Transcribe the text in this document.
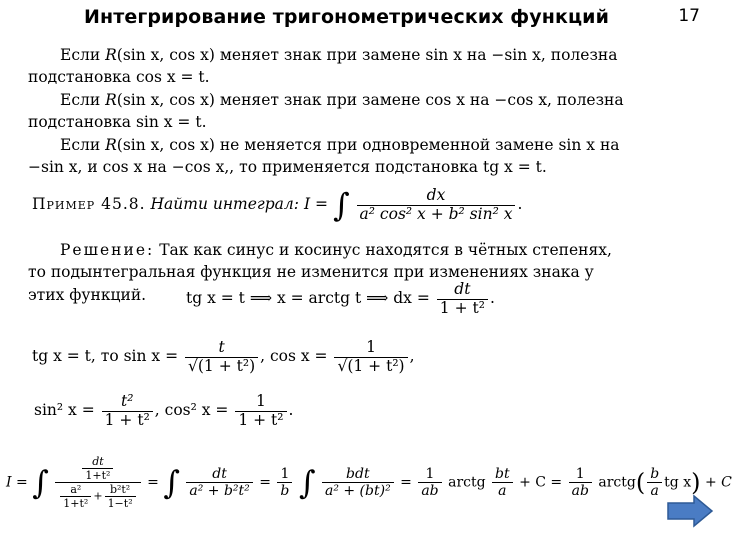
Интегрирование тригонометрических функций	17
Если R(sin x, cos x) меняет знак при замене sin x на −sin x, полезна
подстановка cos x = t.
Если R(sin x, cos x) меняет знак при замене cos x на −cos x, полезна
подстановка sin x = t.
Если R(sin x, cos x) не меняется при одновременной замене sin x на
−sin x, и cos x на −cos x,, то применяется подстановка tg x = t.
Пример 45.8. Найти интеграл: I = ∫ $\frac{dx}{\text{a² cos² x + b² sin² x}}$ .
Решение: Так как синус и косинус находятся в чётных степенях,
то подынтегральная функция не изменится при изменениях знака у
этих функций.	tg x = t ⟹ x = arctg t ⟹ dx = $\frac{dt}{\text{1 + t²}}$ .
tg x = t, то $\sin x = \frac{t}{\text{√(1 + t²)}}$ , $\cos x = \frac{1}{\text{√(1 + t²)}}$ ,
sin² $x = \frac{\text{t²}}{\text{1 + t²}}$ , cos² $x = \frac{1}{\text{1 + t²}}$ .
I = ∫ $\frac{\frac{dt}{\text{1+t²}}}{\frac{\text{a²}}{\text{1+t²}} + \frac{\text{b²t²}}{\text{1−t²}}}$ = ∫ $\frac{dt}{\text{a² + b²t²}} = \frac{1}{b}$ ∫ $\frac{\text{bdt}}{\text{a² + (bt)²}} = \frac{1}{ab}$ arctg $\frac{bt}{a} + C = \frac{1}{ab}$ arctg( $\frac{b}{a}$ tg x) + C
